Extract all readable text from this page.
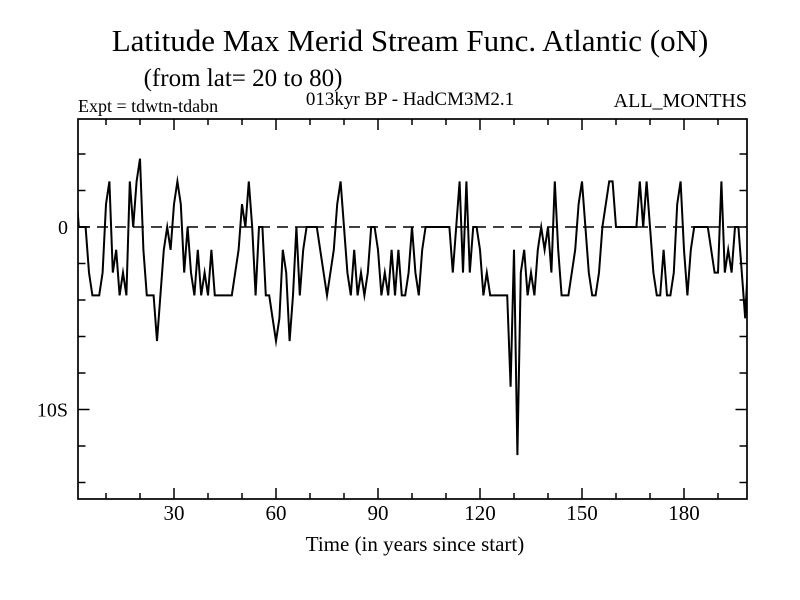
Latitude Max Merid Stream Func. Atlantic (oN)
(from lat= 20 to 80)
Expt = tdwtn-tdabn	013kyr BP - HadCM3M2.1	ALL_MONTHS
30	60	90	120	150	180
0
10S
Time (in years since start)
